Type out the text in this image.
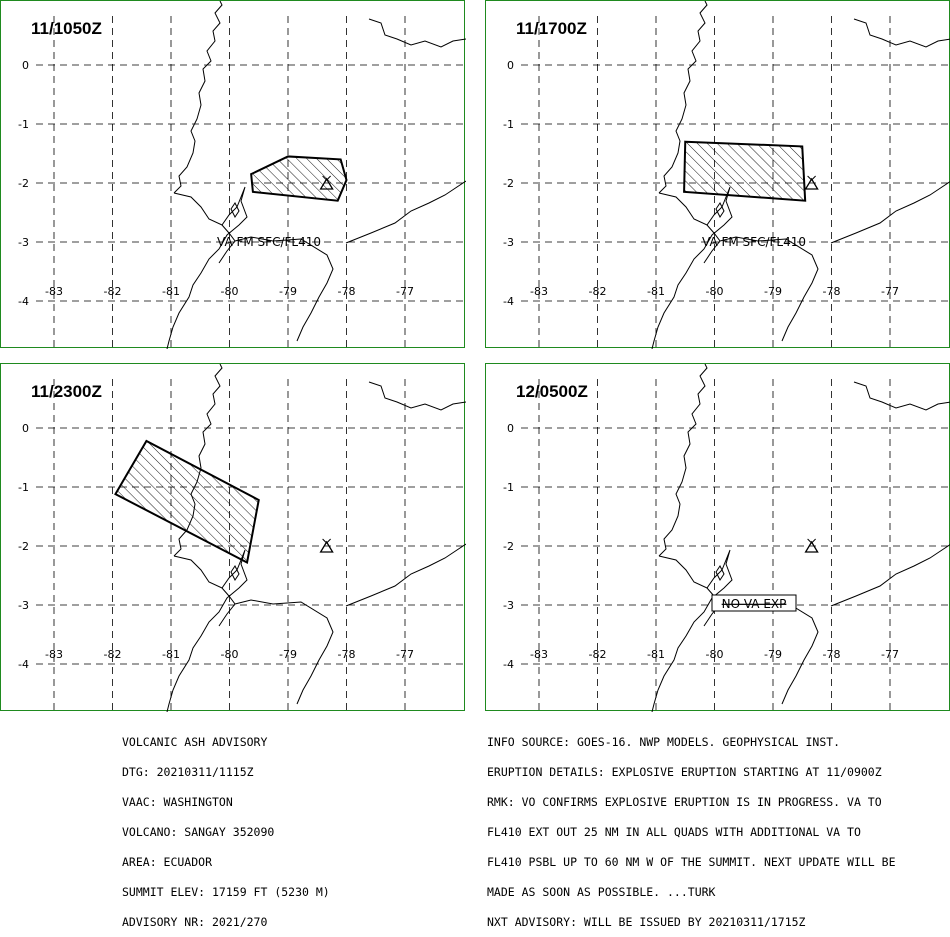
11/1050Z
0
-1
-2
-3
-4
-83	-82	-81	-80	-79	-78	-77
VA FM SFC/FL410
11/1700Z
0
-1
-2
-3
-4
-83	-82	-81	-80	-79	-78	-77
VA FM SFC/FL410
11/2300Z
0
-1
-2
-3
-4
-83	-82	-81	-80	-79	-78	-77
12/0500Z
0
-1
-2
-3
-4
-83	-82	-81	-80	-79	-78	-77
NO VA EXP

VOLCANIC ASH ADVISORY

DTG: 20210311/1115Z

VAAC: WASHINGTON

VOLCANO: SANGAY 352090

AREA: ECUADOR

SUMMIT ELEV: 17159 FT (5230 M)

ADVISORY NR: 2021/270

INFO SOURCE: GOES-16. NWP MODELS. GEOPHYSICAL INST.

ERUPTION DETAILS: EXPLOSIVE ERUPTION STARTING AT 11/0900Z

RMK: VO CONFIRMS EXPLOSIVE ERUPTION IS IN PROGRESS. VA TO

FL410 EXT OUT 25 NM IN ALL QUADS WITH ADDITIONAL VA TO

FL410 PSBL UP TO 60 NM W OF THE SUMMIT. NEXT UPDATE WILL BE

MADE AS SOON AS POSSIBLE. ...TURK

NXT ADVISORY: WILL BE ISSUED BY 20210311/1715Z
